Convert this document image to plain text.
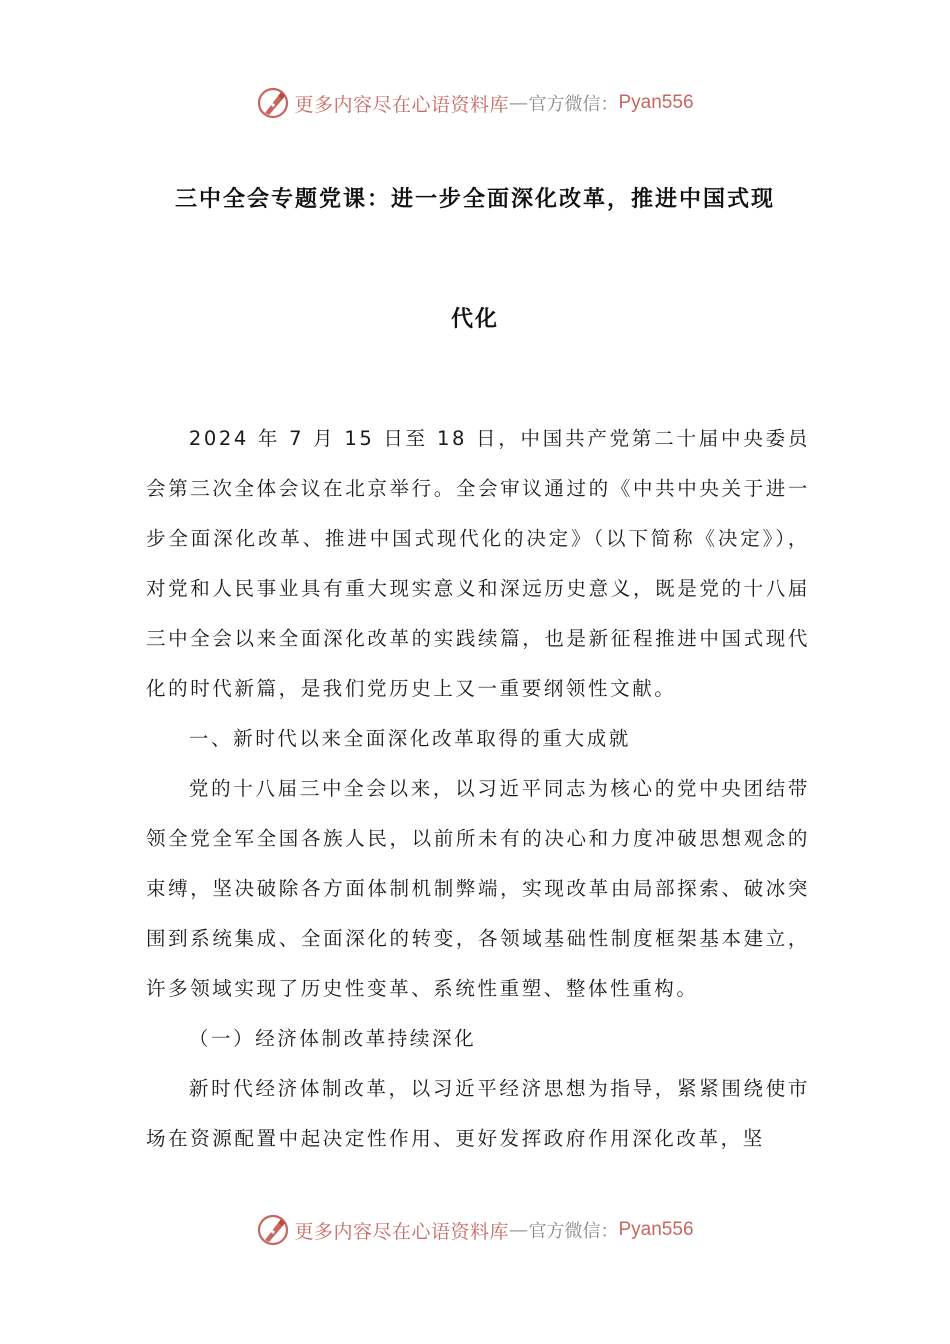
更多内容尽在心语资料库 — 官方微信： Pyan556
三中全会专题党课：进一步全面深化改革，推进中国式现
代化

2024 年 7 月 15 日至 18 日，中国共产党第二十届中央委员会第三次全体会议在北京举行。全会审议通过的《中共中央关于进一步全面深化改革、推进中国式现代化的决定》（以下简称《决定》），对党和人民事业具有重大现实意义和深远历史意义，既是党的十八届三中全会以来全面深化改革的实践续篇，也是新征程推进中国式现代化的时代新篇，是我们党历史上又一重要纲领性文献。

一、新时代以来全面深化改革取得的重大成就

党的十八届三中全会以来，以习近平同志为核心的党中央团结带领全党全军全国各族人民，以前所未有的决心和力度冲破思想观念的束缚，坚决破除各方面体制机制弊端，实现改革由局部探索、破冰突围到系统集成、全面深化的转变，各领域基础性制度框架基本建立，许多领域实现了历史性变革、系统性重塑、整体性重构。

（一）经济体制改革持续深化

新时代经济体制改革，以习近平经济思想为指导，紧紧围绕使市场在资源配置中起决定性作用、更好发挥政府作用深化改革，坚

更多内容尽在心语资料库 — 官方微信： Pyan556
